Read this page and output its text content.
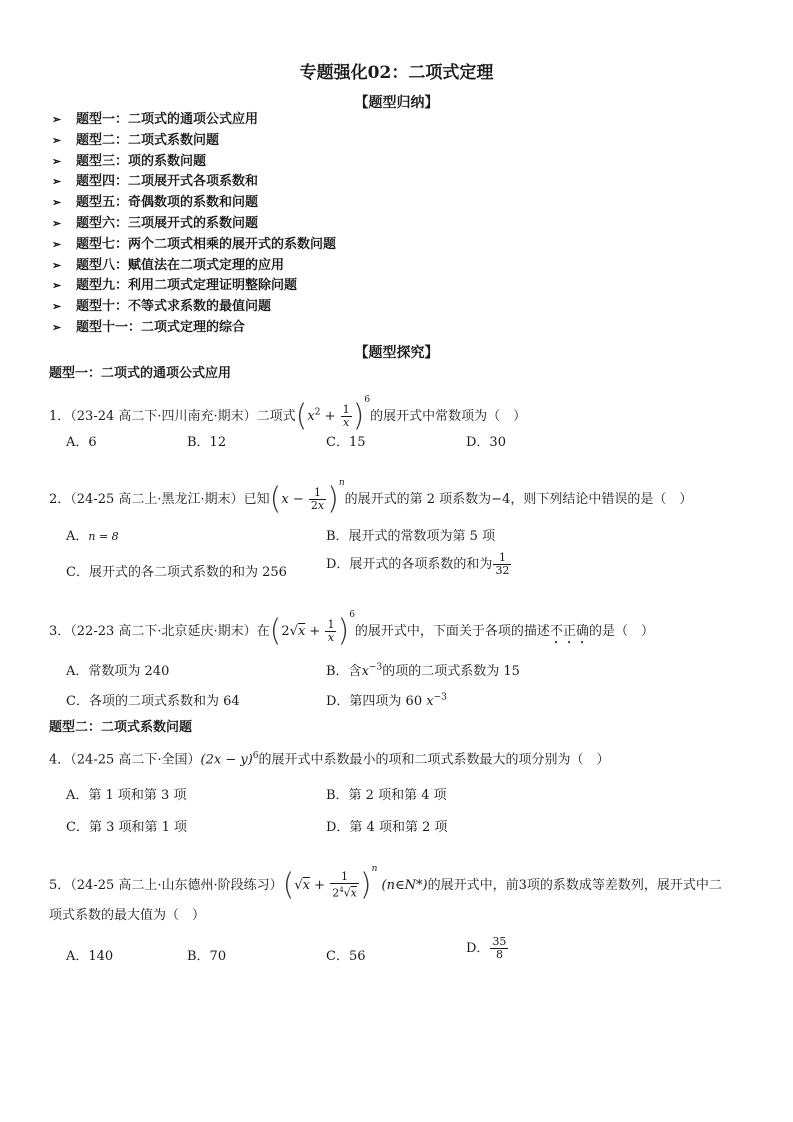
专题强化02：二项式定理
【题型归纳】
➢ 题型一：二项式的通项公式应用
➢ 题型二：二项式系数问题
➢ 题型三：项的系数问题
➢ 题型四：二项展开式各项系数和
➢ 题型五：奇偶数项的系数和问题
➢ 题型六：三项展开式的系数问题
➢ 题型七：两个二项式相乘的展开式的系数问题
➢ 题型八：赋值法在二项式定理的应用
➢ 题型九：利用二项式定理证明整除问题
➢ 题型十：不等式求系数的最值问题
➢ 题型十一：二项式定理的综合
【题型探究】
题型一：二项式的通项公式应用
1．（23-24 高二下·四川南充·期末）二项式$(x^2 + \frac{1}{x} )^6$的展开式中常数项为（　）
A．6	B．12	C．15	D．30
2．（24-25 高二上·黑龙江·期末）已知$(x - \frac{1}{2x} )^n$的展开式的第 2 项系数为−4，则下列结论中错误的是（　）
A．n = 8	B．展开式的常数项为第 5 项
C．展开式的各二项式系数的和为 256
D．展开式的各项系数的和为 $\frac{1}{32}$
3．（22-23 高二下·北京延庆·期末）在$(2√x + \frac{1}{x} )^6$的展开式中，下面关于各项的描述不正确的是（　）
A．常数项为 240	B．含$x^{-3}$的项的二项式系数为 15
C．各项的二项式系数和为 64	D．第四项为 60 $x^{-3}$
题型二：二项式系数问题
4．（24-25 高二下·全国）$(2x - y)^6$的展开式中系数最小的项和二项式系数最大的项分别为（　）
A．第 1 项和第 3 项	B．第 2 项和第 4 项
C．第 3 项和第 1 项	D．第 4 项和第 2 项
5．（24-25 高二上·山东德州·阶段练习）$(√x + \frac{1}{2^4√x} )^n$ (n∈N*)的展开式中，前3项的系数成等差数列，展开式中二
项式系数的最大值为（　）
A．140	B．70	C．56
D． $\frac{35}{8}$
